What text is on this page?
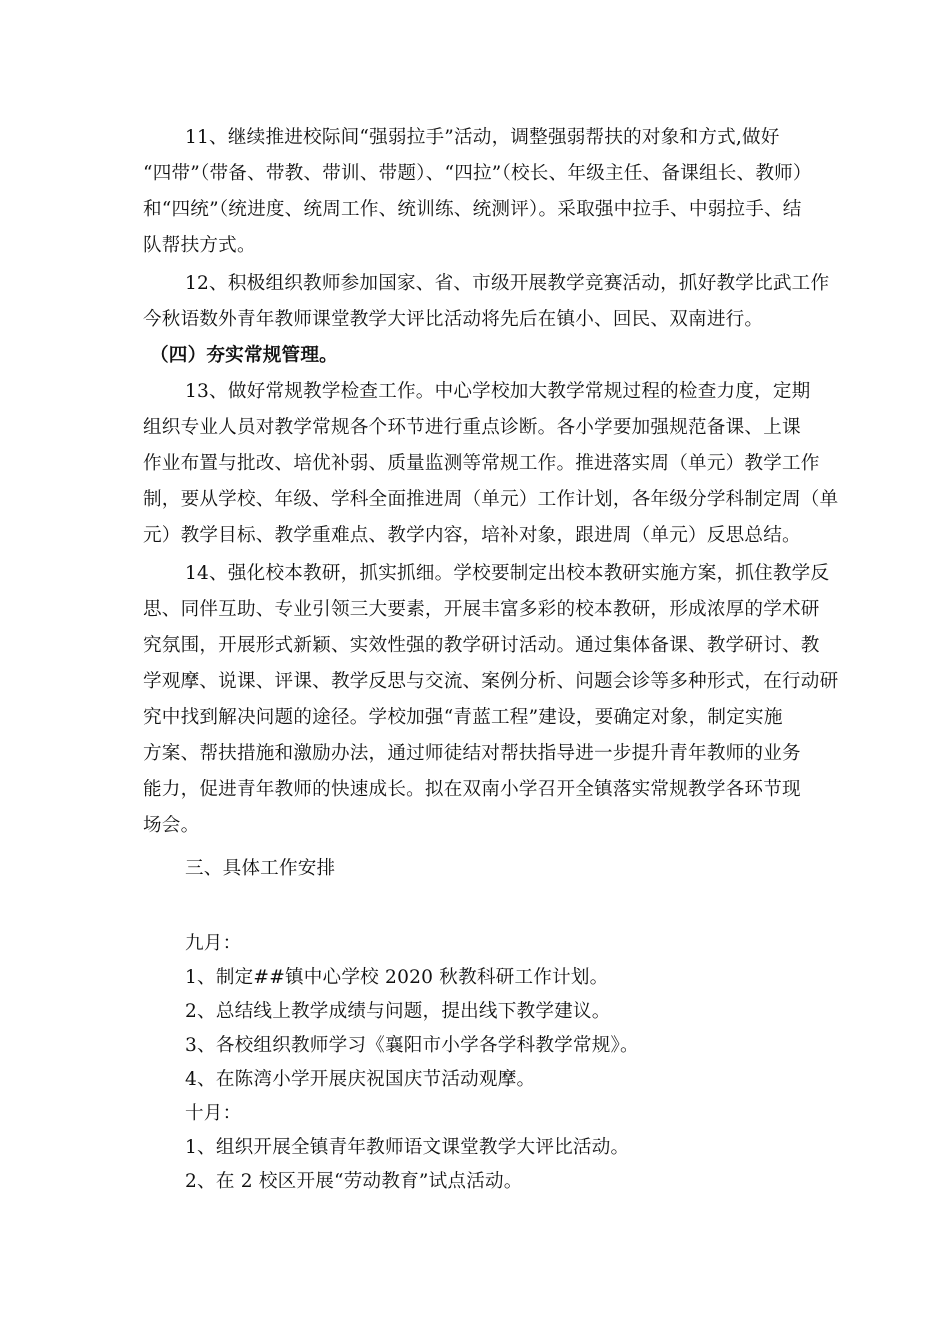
11、继续推进校际间“强弱拉手”活动，调整强弱帮扶的对象和方式,做好
“四带”（带备、带教、带训、带题）、“四拉”（校长、年级主任、备课组长、教师）
和“四统”（统进度、统周工作、统训练、统测评）。采取强中拉手、中弱拉手、结
队帮扶方式。
12、积极组织教师参加国家、省、市级开展教学竞赛活动，抓好教学比武工作
今秋语数外青年教师课堂教学大评比活动将先后在镇小、回民、双南进行。
（四）夯实常规管理。
13、做好常规教学检查工作。中心学校加大教学常规过程的检查力度，定期
组织专业人员对教学常规各个环节进行重点诊断。各小学要加强规范备课、上课
作业布置与批改、培优补弱、质量监测等常规工作。推进落实周（单元）教学工作
制，要从学校、年级、学科全面推进周（单元）工作计划，各年级分学科制定周（单
元）教学目标、教学重难点、教学内容，培补对象，跟进周（单元）反思总结。
14、强化校本教研，抓实抓细。学校要制定出校本教研实施方案，抓住教学反
思、同伴互助、专业引领三大要素，开展丰富多彩的校本教研，形成浓厚的学术研
究氛围，开展形式新颖、实效性强的教学研讨活动。通过集体备课、教学研讨、教
学观摩、说课、评课、教学反思与交流、案例分析、问题会诊等多种形式，在行动研
究中找到解决问题的途径。学校加强“青蓝工程”建设，要确定对象，制定实施
方案、帮扶措施和激励办法，通过师徒结对帮扶指导进一步提升青年教师的业务
能力，促进青年教师的快速成长。拟在双南小学召开全镇落实常规教学各环节现
场会。
三、具体工作安排
九月：
1、制定##镇中心学校 2020 秋教科研工作计划。
2、总结线上教学成绩与问题，提出线下教学建议。
3、各校组织教师学习《襄阳市小学各学科教学常规》。
4、在陈湾小学开展庆祝国庆节活动观摩。
十月：
1、组织开展全镇青年教师语文课堂教学大评比活动。
2、在 2 校区开展“劳动教育”试点活动。
